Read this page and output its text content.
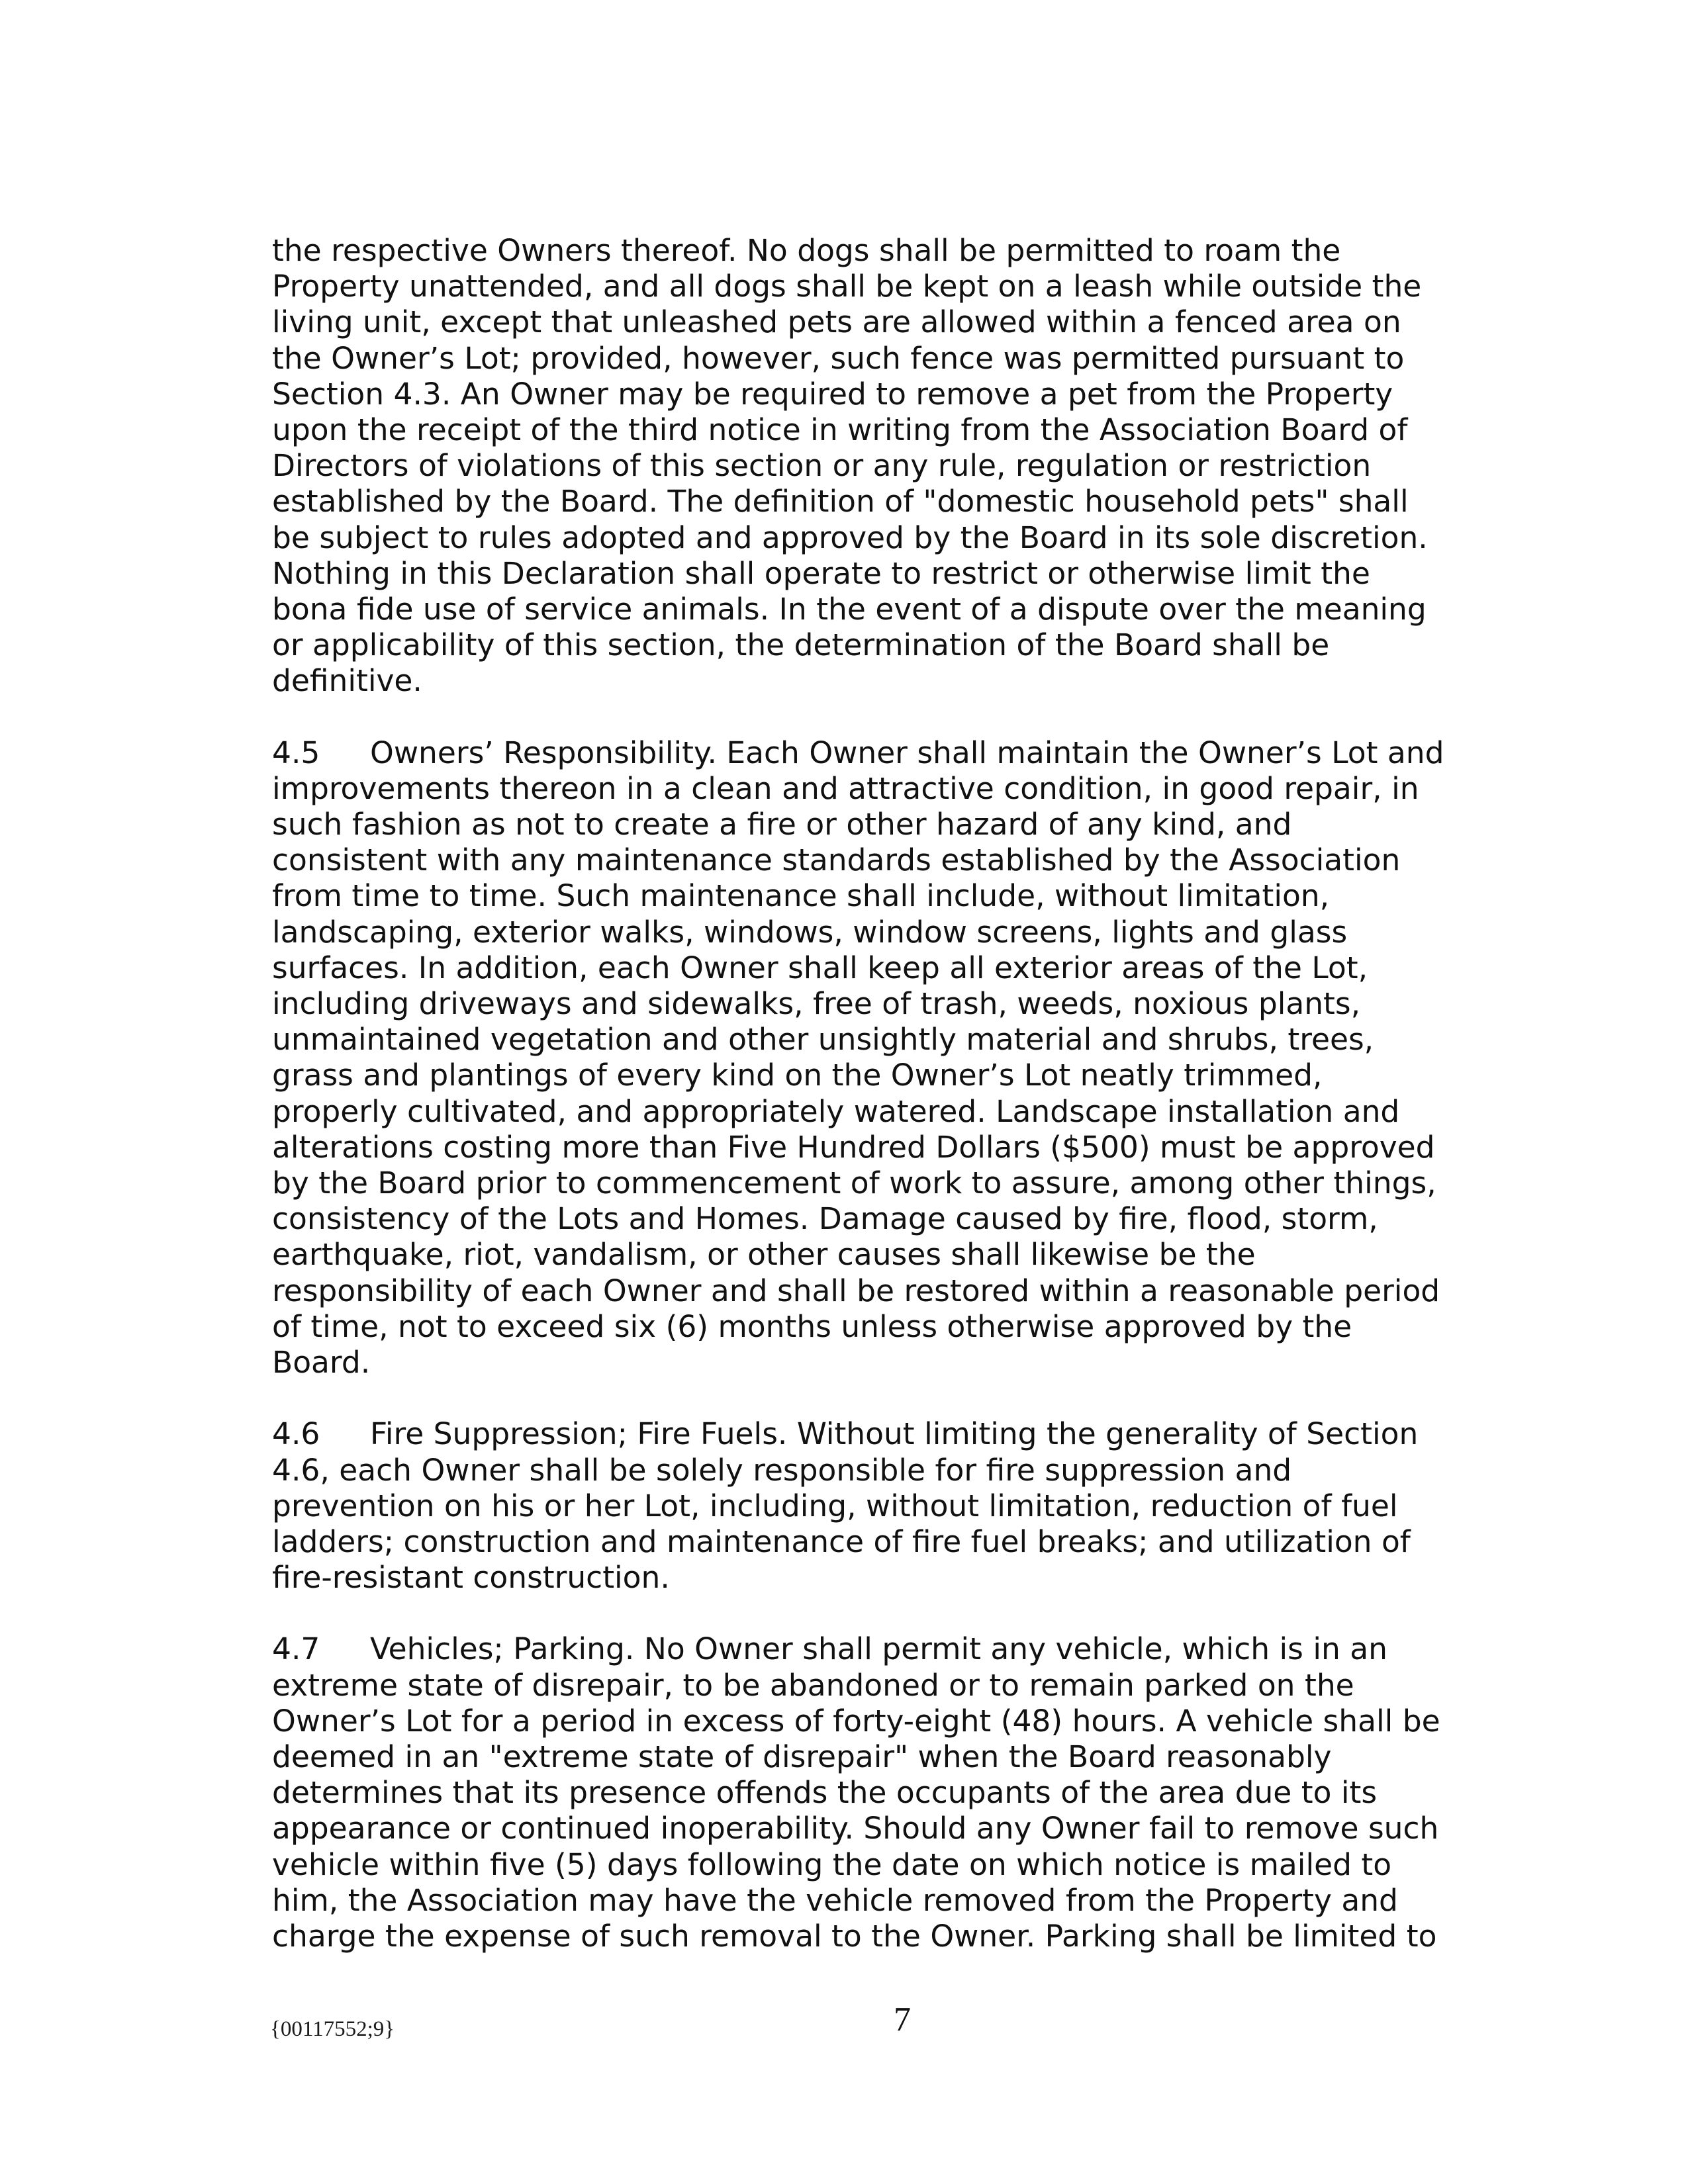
the respective Owners thereof. No dogs shall be permitted to roam the Property unattended, and all dogs shall be kept on a leash while outside the living unit, except that unleashed pets are allowed within a fenced area on the Owner’s Lot; provided, however, such fence was permitted pursuant to Section 4.3. An Owner may be required to remove a pet from the Property upon the receipt of the third notice in writing from the Association Board of Directors of violations of this section or any rule, regulation or restriction established by the Board. The definition of "domestic household pets" shall be subject to rules adopted and approved by the Board in its sole discretion. Nothing in this Declaration shall operate to restrict or otherwise limit the bona fide use of service animals. In the event of a dispute over the meaning or applicability of this section, the determination of the Board shall be definitive.

4.5 Owners’ Responsibility. Each Owner shall maintain the Owner’s Lot and improvements thereon in a clean and attractive condition, in good repair, in such fashion as not to create a fire or other hazard of any kind, and consistent with any maintenance standards established by the Association from time to time. Such maintenance shall include, without limitation, landscaping, exterior walks, windows, window screens, lights and glass surfaces. In addition, each Owner shall keep all exterior areas of the Lot, including driveways and sidewalks, free of trash, weeds, noxious plants, unmaintained vegetation and other unsightly material and shrubs, trees, grass and plantings of every kind on the Owner’s Lot neatly trimmed, properly cultivated, and appropriately watered. Landscape installation and alterations costing more than Five Hundred Dollars ($500) must be approved by the Board prior to commencement of work to assure, among other things, consistency of the Lots and Homes. Damage caused by fire, flood, storm, earthquake, riot, vandalism, or other causes shall likewise be the responsibility of each Owner and shall be restored within a reasonable period of time, not to exceed six (6) months unless otherwise approved by the Board.

4.6 Fire Suppression; Fire Fuels. Without limiting the generality of Section 4.6, each Owner shall be solely responsible for fire suppression and prevention on his or her Lot, including, without limitation, reduction of fuel ladders; construction and maintenance of fire fuel breaks; and utilization of fire-resistant construction.

4.7 Vehicles; Parking. No Owner shall permit any vehicle, which is in an extreme state of disrepair, to be abandoned or to remain parked on the Owner’s Lot for a period in excess of forty-eight (48) hours. A vehicle shall be deemed in an "extreme state of disrepair" when the Board reasonably determines that its presence offends the occupants of the area due to its appearance or continued inoperability. Should any Owner fail to remove such vehicle within five (5) days following the date on which notice is mailed to him, the Association may have the vehicle removed from the Property and charge the expense of such removal to the Owner. Parking shall be limited to

{00117552;9}	7
